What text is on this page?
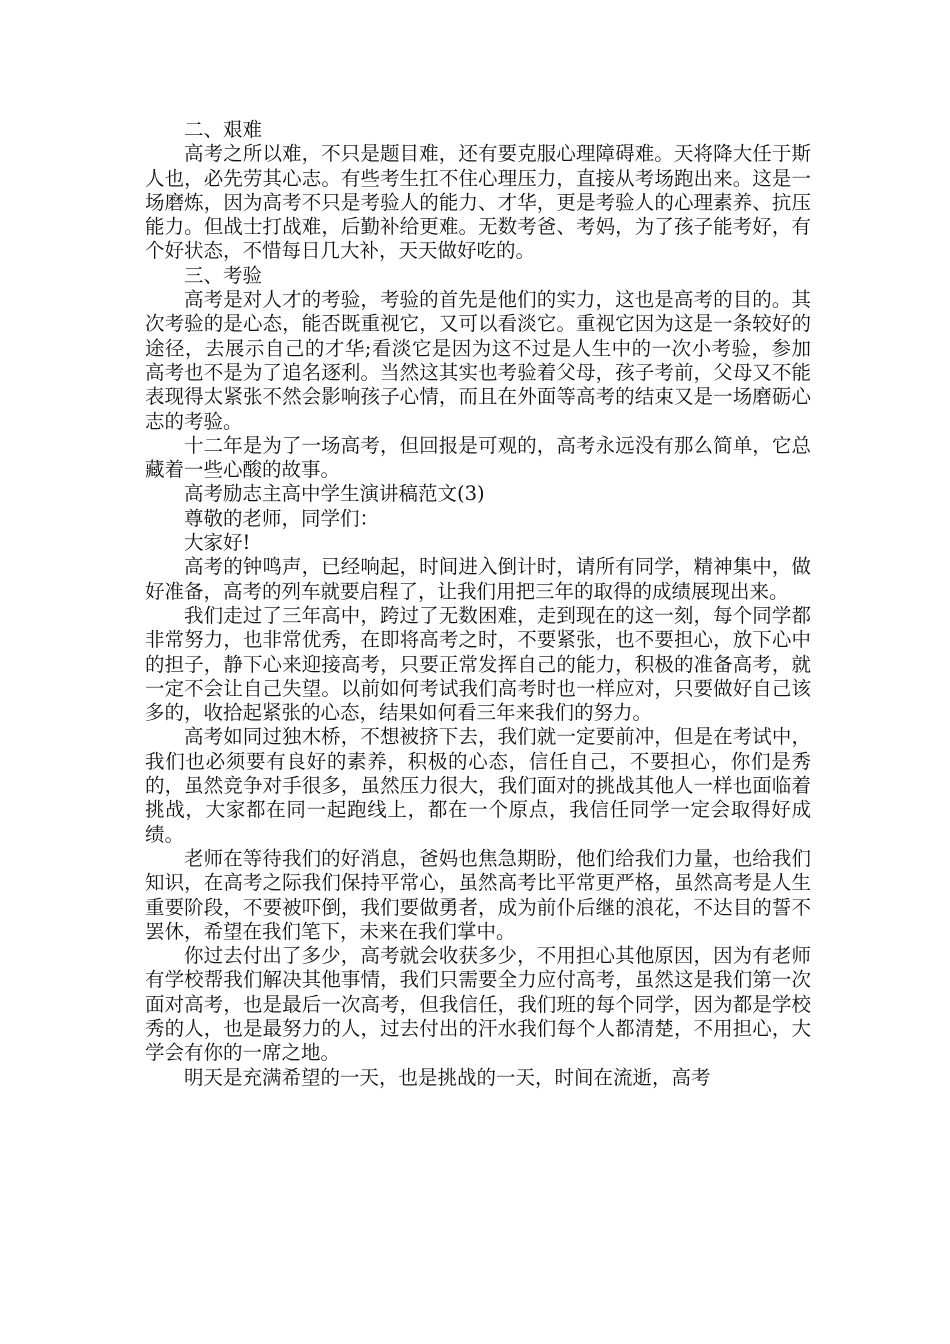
二、艰难

高考之所以难，不只是题目难，还有要克服心理障碍难。天将降大任于斯人也，必先劳其心志。有些考生扛不住心理压力，直接从考场跑出来。这是一场磨炼，因为高考不只是考验人的能力、才华，更是考验人的心理素养、抗压能力。但战士打战难，后勤补给更难。无数考爸、考妈，为了孩子能考好，有个好状态，不惜每日几大补，天天做好吃的。

三、考验

高考是对人才的考验，考验的首先是他们的实力，这也是高考的目的。其次考验的是心态，能否既重视它，又可以看淡它。重视它因为这是一条较好的途径，去展示自己的才华;看淡它是因为这不过是人生中的一次小考验，参加高考也不是为了追名逐利。当然这其实也考验着父母，孩子考前，父母又不能表现得太紧张不然会影响孩子心情，而且在外面等高考的结束又是一场磨砺心志的考验。

十二年是为了一场高考，但回报是可观的，高考永远没有那么简单，它总藏着一些心酸的故事。

高考励志主高中学生演讲稿范文(3)

尊敬的老师，同学们：

大家好!

高考的钟鸣声，已经响起，时间进入倒计时，请所有同学，精神集中，做好准备，高考的列车就要启程了，让我们用把三年的取得的成绩展现出来。

我们走过了三年高中，跨过了无数困难，走到现在的这一刻，每个同学都非常努力，也非常优秀，在即将高考之时，不要紧张，也不要担心，放下心中的担子，静下心来迎接高考，只要正常发挥自己的能力，积极的准备高考，就一定不会让自己失望。以前如何考试我们高考时也一样应对，只要做好自己该多的，收拾起紧张的心态，结果如何看三年来我们的努力。

高考如同过独木桥，不想被挤下去，我们就一定要前冲，但是在考试中，我们也必须要有良好的素养，积极的心态，信任自己，不要担心，你们是秀的，虽然竞争对手很多，虽然压力很大，我们面对的挑战其他人一样也面临着挑战，大家都在同一起跑线上，都在一个原点，我信任同学一定会取得好成绩。

老师在等待我们的好消息，爸妈也焦急期盼，他们给我们力量，也给我们知识，在高考之际我们保持平常心，虽然高考比平常更严格，虽然高考是人生重要阶段，不要被吓倒，我们要做勇者，成为前仆后继的浪花，不达目的誓不罢休，希望在我们笔下，未来在我们掌中。

你过去付出了多少，高考就会收获多少，不用担心其他原因，因为有老师有学校帮我们解决其他事情，我们只需要全力应付高考，虽然这是我们第一次面对高考，也是最后一次高考，但我信任，我们班的每个同学，因为都是学校秀的人，也是最努力的人，过去付出的汗水我们每个人都清楚，不用担心，大学会有你的一席之地。

明天是充满希望的一天，也是挑战的一天，时间在流逝，高考
